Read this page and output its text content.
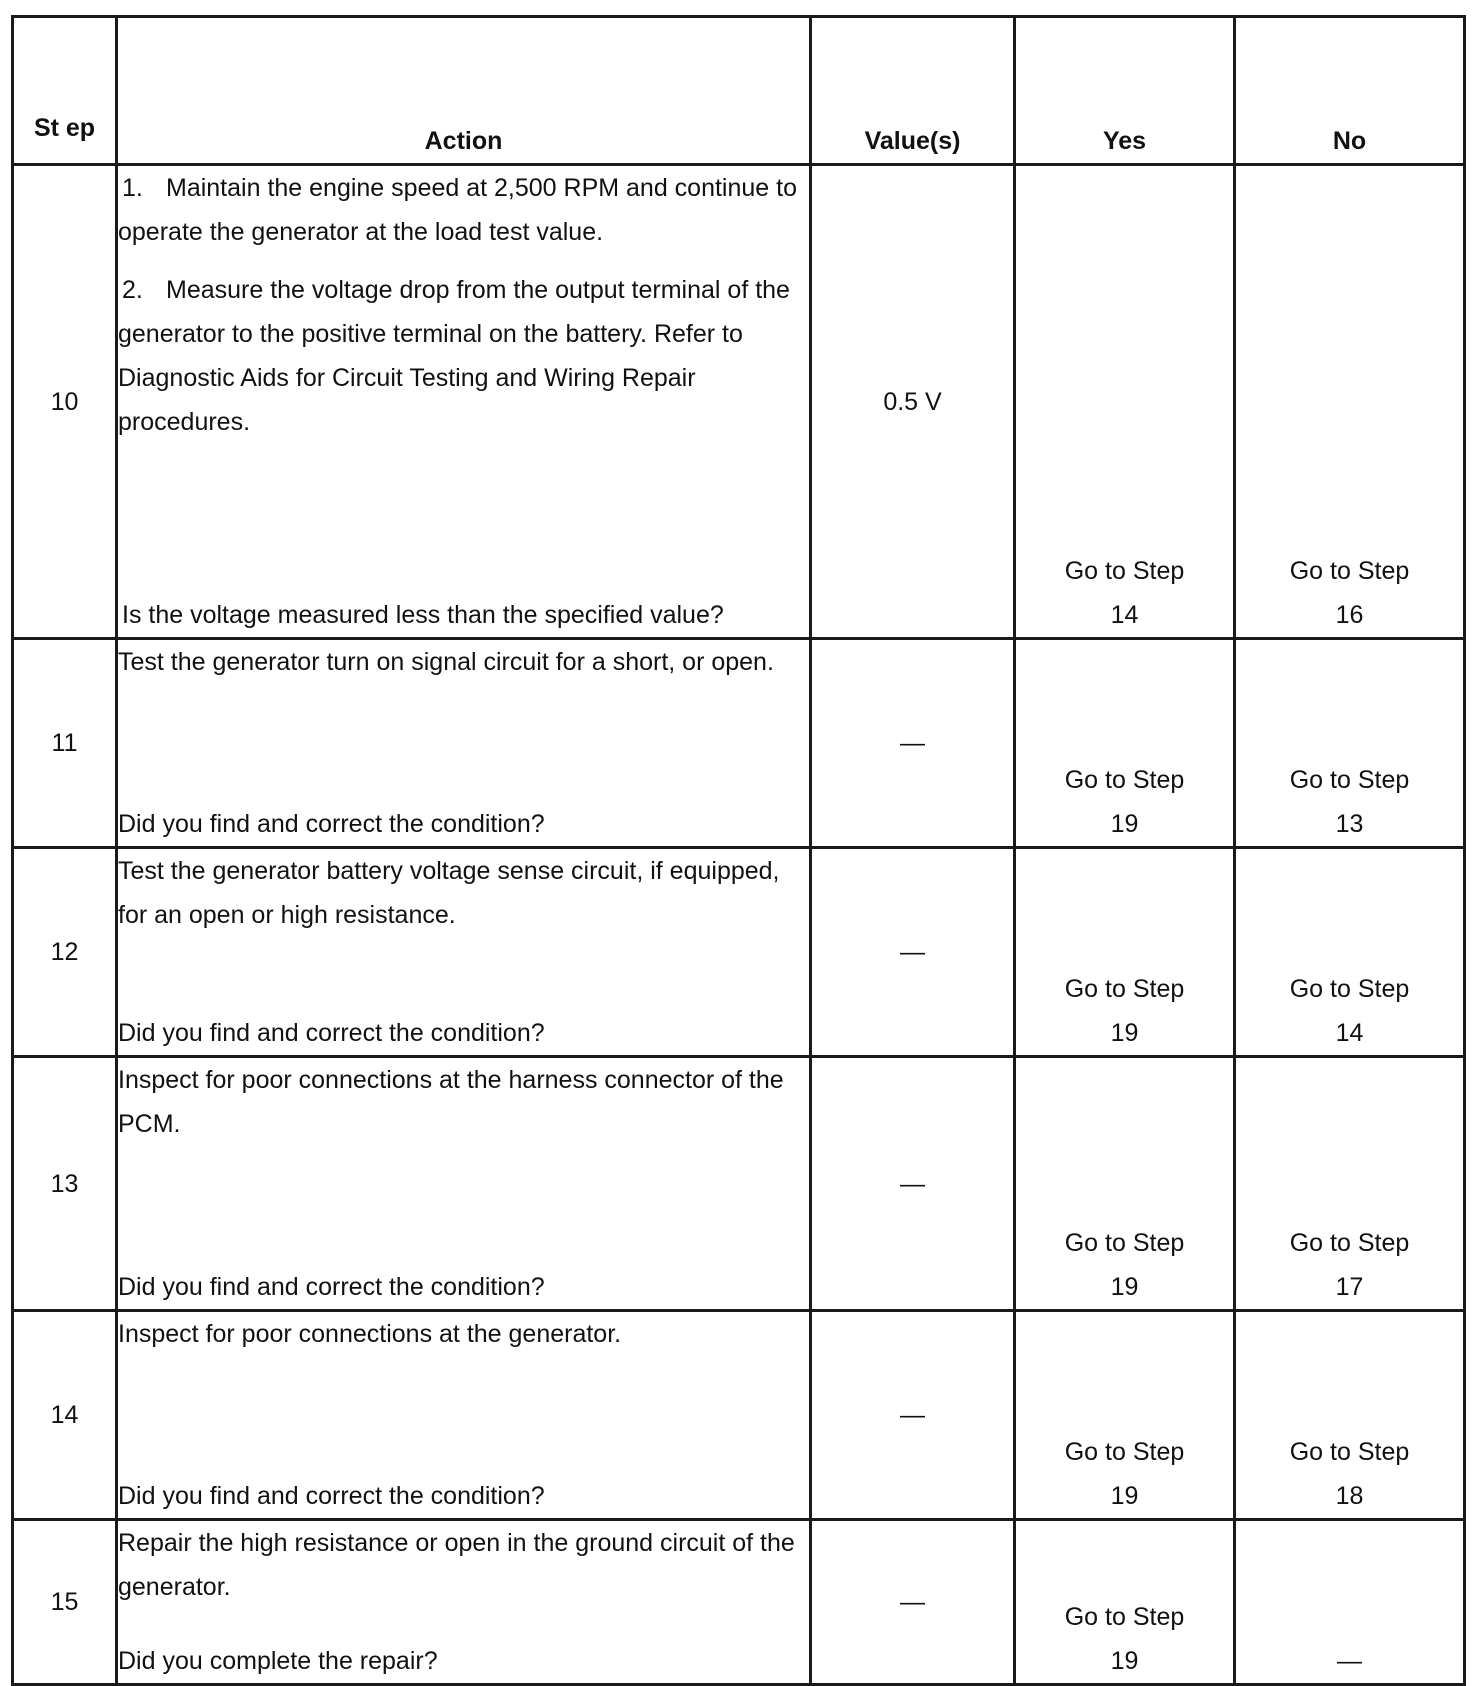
St ep	Action	Value(s)	Yes	No
10	1. Maintain the engine speed at 2,500 RPM and continue to operate the generator at the load test value.

2. Measure the voltage drop from the output terminal of the generator to the positive terminal on the battery. Refer to Diagnostic Aids for Circuit Testing and Wiring Repair procedures.

Is the voltage measured less than the specified value?	0.5 V	Go to Step 14	Go to Step 16

11	Test the generator turn on signal circuit for a short, or open.

Did you find and correct the condition?	—	Go to Step 19	Go to Step 13

12	Test the generator battery voltage sense circuit, if equipped, for an open or high resistance.

Did you find and correct the condition?	—	Go to Step 19	Go to Step 14

13	Inspect for poor connections at the harness connector of the PCM.

Did you find and correct the condition?	—	Go to Step 19	Go to Step 17

14	Inspect for poor connections at the generator.

Did you find and correct the condition?	—	Go to Step 19	Go to Step 18

15	Repair the high resistance or open in the ground circuit of the generator.

Did you complete the repair?	—	Go to Step 19	—
